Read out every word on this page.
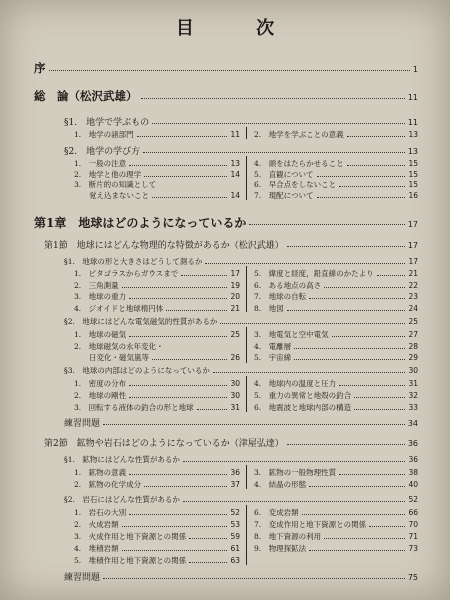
目 次
序	1
総　論（松沢武雄）	11
§1.　地学で学ぶもの	11
1.　地学の諸部門	11 2.　地学を学ぶことの意義	13
§2.　地学の学び方	13
1.　一般の注意	13
2.　地学と他の理学	14
3.　断片的の知識として
　　覚え込まないこと	14
4.　頭をはたらかせること	15
5.　直観について	15
6.　早合点をしないこと	15
7.　現配について	16
第1章　地球はどのようになっているか	17
第1節　地球にはどんな物理的な特徴があるか（松沢武雄）	17
§1.　地球の形と大きさはどうして測るか	17
1.　ピタゴラスからガウスまで	17
2.　三角測量	19
3.　地球の重力	20
4.　ジオイドと地球楕円体	21
5.　緯度と経度，鉛直線のかたより	21
6.　ある地点の高さ	22
7.　地球の自転	23
8.　地図	24
§2.　地球にはどんな電気磁気的性質があるか	25
1.　地球の磁気	25
2.　地球磁気の永年変化・
　　日変化・磁気嵐等	26
3.　地電気と空中電気	27
4.　電離層	28
5.　宇宙線	29
§3.　地球の内部はどのようになっているか	30
1.　密度の分布	30
2.　地球の剛性	30
3.　回転する液体の釣合の形と地球	31
4.　地球内の温度と圧力	31
5.　重力の異常と地殻の釣合	32
6.　地震波と地球内部の構造	33
練習問題	34
第2節　鉱物や岩石はどのようになっているか（津屋弘達）	36
§1.　鉱物にはどんな性質があるか	36
1.　鉱物の意義	36
2.　鉱物の化学成分	37
3.　鉱物の一般物理性質	38
4.　結晶の形態	40
§2.　岩石にはどんな性質があるか	52
1.　岩石の大別	52
2.　火成岩類	53
3.　火成作用と地下資源との関係	59
4.　堆積岩類	61
5.　堆積作用と地下資源との関係	63
6.　変成岩類	66
7.　変成作用と地下資源との関係	70
8.　地下資源の利用	71
9.　物理探鉱法	73
練習問題	75
